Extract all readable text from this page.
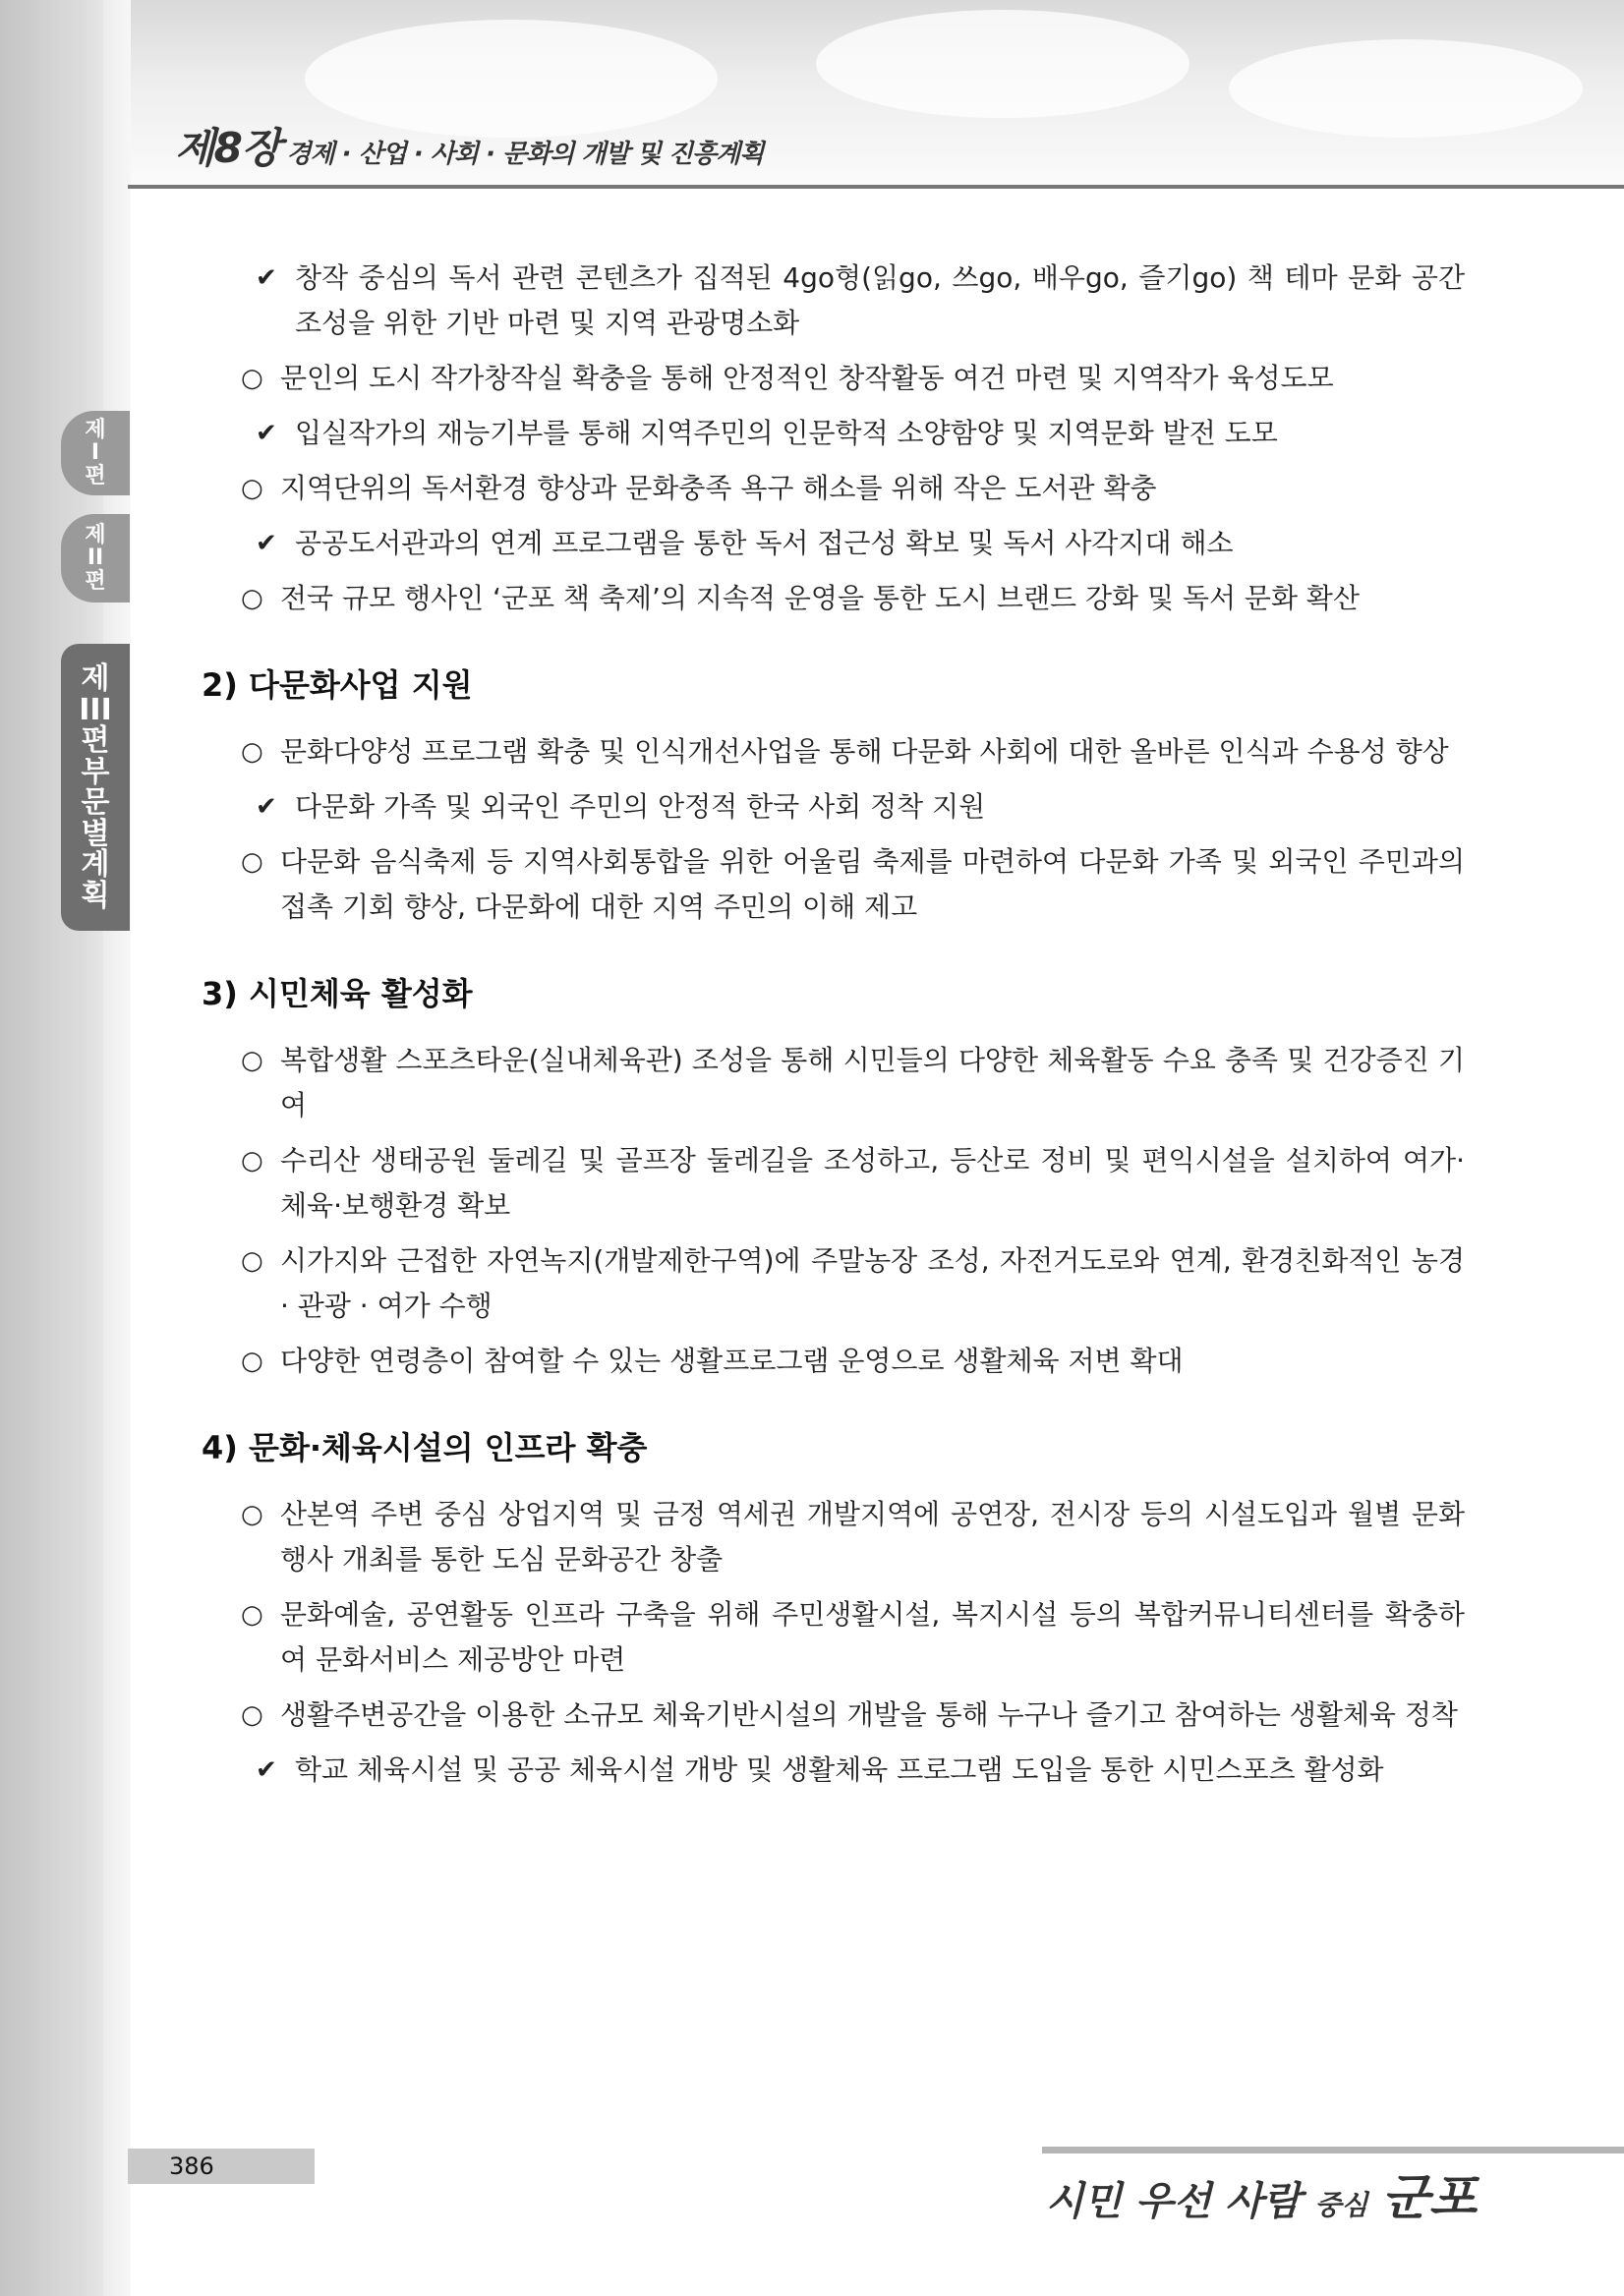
제8장 경제 · 산업 · 사회 · 문화의 개발 및 진흥계획
제
I
편
제
II
편
제
III
편
부
문
별
계
획
✔ 창작 중심의 독서 관련 콘텐츠가 집적된 4go형(읽go, 쓰go, 배우go, 즐기go) 책 테마 문화 공간 조성을 위한 기반 마련 및 지역 관광명소화
○ 문인의 도시 작가창작실 확충을 통해 안정적인 창작활동 여건 마련 및 지역작가 육성도모
✔ 입실작가의 재능기부를 통해 지역주민의 인문학적 소양함양 및 지역문화 발전 도모
○ 지역단위의 독서환경 향상과 문화충족 욕구 해소를 위해 작은 도서관 확충
✔ 공공도서관과의 연계 프로그램을 통한 독서 접근성 확보 및 독서 사각지대 해소
○ 전국 규모 행사인 ‘군포 책 축제’의 지속적 운영을 통한 도시 브랜드 강화 및 독서 문화 확산
2) 다문화사업 지원
○ 문화다양성 프로그램 확충 및 인식개선사업을 통해 다문화 사회에 대한 올바른 인식과 수용성 향상
✔ 다문화 가족 및 외국인 주민의 안정적 한국 사회 정착 지원
○ 다문화 음식축제 등 지역사회통합을 위한 어울림 축제를 마련하여 다문화 가족 및 외국인 주민과의 접촉 기회 향상, 다문화에 대한 지역 주민의 이해 제고
3) 시민체육 활성화
○ 복합생활 스포츠타운(실내체육관) 조성을 통해 시민들의 다양한 체육활동 수요 충족 및 건강증진 기여
○ 수리산 생태공원 둘레길 및 골프장 둘레길을 조성하고, 등산로 정비 및 편익시설을 설치하여 여가·체육·보행환경 확보
○ 시가지와 근접한 자연녹지(개발제한구역)에 주말농장 조성, 자전거도로와 연계, 환경친화적인 농경 · 관광 · 여가 수행
○ 다양한 연령층이 참여할 수 있는 생활프로그램 운영으로 생활체육 저변 확대
4) 문화·체육시설의 인프라 확충
○ 산본역 주변 중심 상업지역 및 금정 역세권 개발지역에 공연장, 전시장 등의 시설도입과 월별 문화행사 개최를 통한 도심 문화공간 창출
○ 문화예술, 공연활동 인프라 구축을 위해 주민생활시설, 복지시설 등의 복합커뮤니티센터를 확충하여 문화서비스 제공방안 마련
○ 생활주변공간을 이용한 소규모 체육기반시설의 개발을 통해 누구나 즐기고 참여하는 생활체육 정착
✔ 학교 체육시설 및 공공 체육시설 개방 및 생활체육 프로그램 도입을 통한 시민스포츠 활성화
386
시민 우선 사람 중심 군포
